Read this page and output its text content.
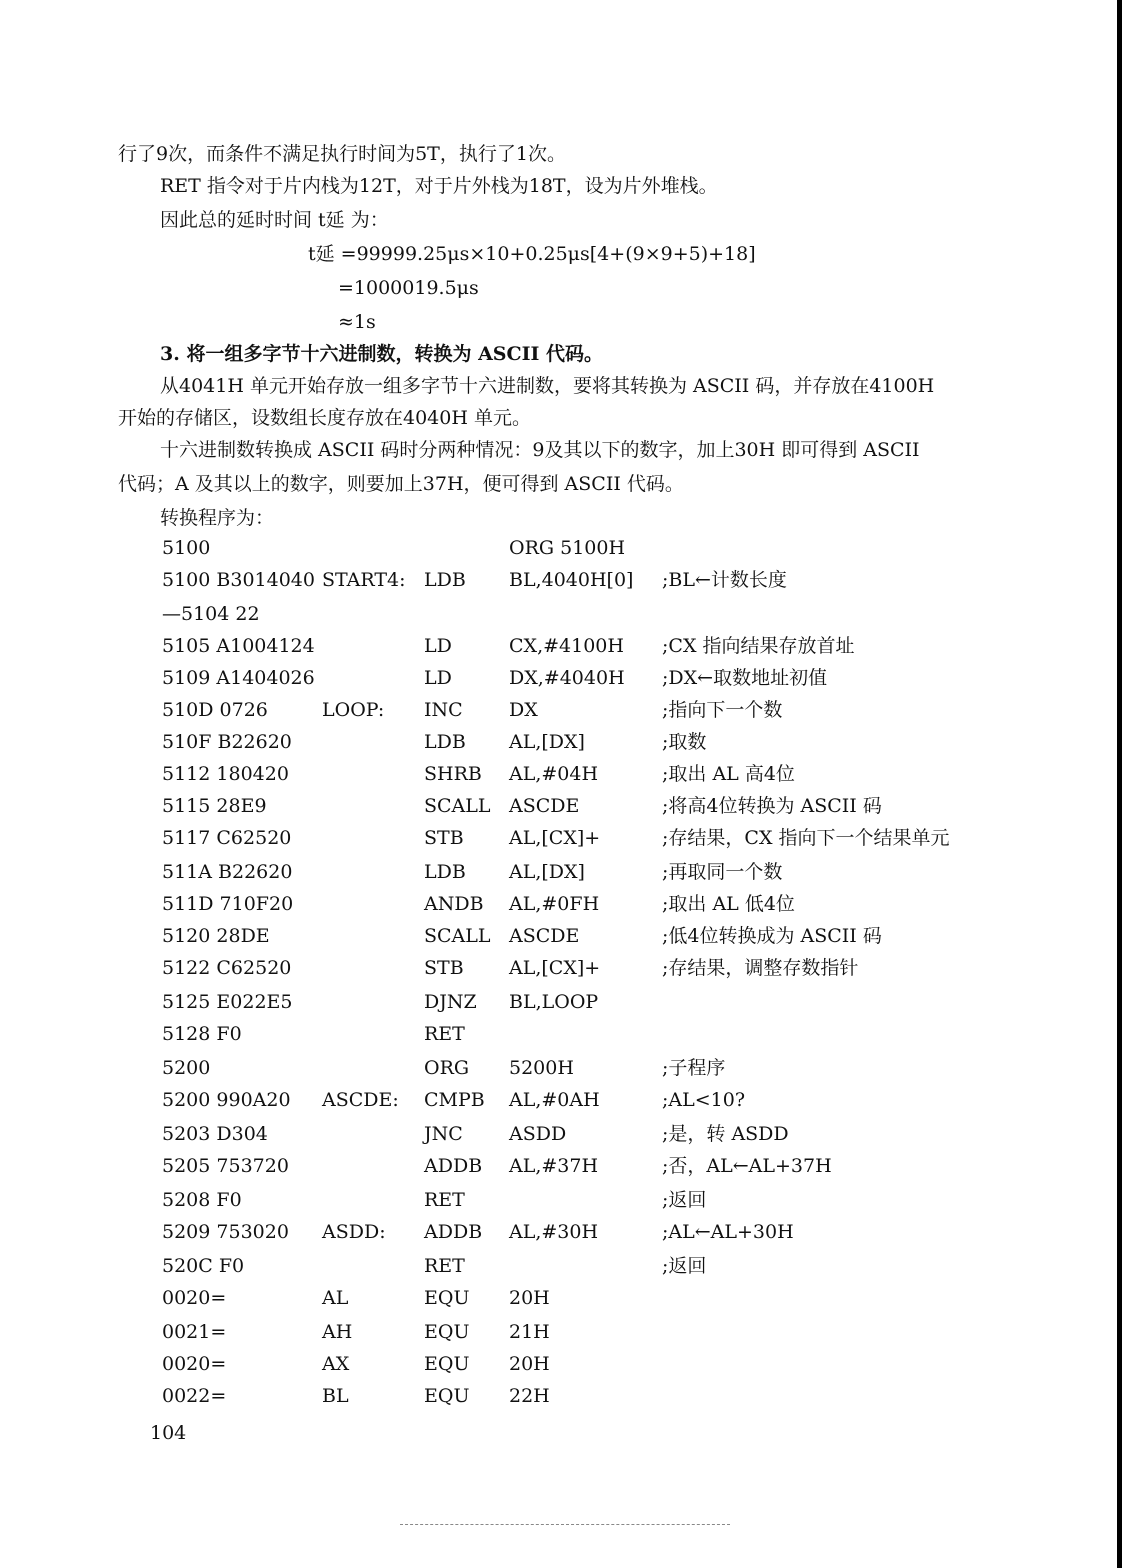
行了9次，而条件不满足执行时间为5T，执行了1次。
RET 指令对于片内栈为12T，对于片外栈为18T，设为片外堆栈。
因此总的延时时间 t延 为：
t延 =99999.25μs×10+0.25μs[4+(9×9+5)+18]
=1000019.5μs
≈1s
3. 将一组多字节十六进制数，转换为 ASCII 代码。
从4041H 单元开始存放一组多字节十六进制数，要将其转换为 ASCII 码，并存放在4100H
开始的存储区，设数组长度存放在4040H 单元。
十六进制数转换成 ASCII 码时分两种情况：9及其以下的数字，加上30H 即可得到 ASCII
代码；A 及其以上的数字，则要加上37H，便可得到 ASCII 代码。
转换程序为：
5100	ORG 5100H
5100 B3014040 START4: LDB BL,4040H[0] ;BL←计数长度
—5104 22
5105 A1004124	LD	CX,#4100H ;CX 指向结果存放首址
5109 A1404026	LD	DX,#4040H ;DX←取数地址初值
510D 0726	LOOP: INC DX	;指向下一个数
510F B22620	LDB AL,[DX]	;取数
5112 180420	SHRB AL,#04H	;取出 AL 高4位
5115 28E9	SCALL ASCDE	;将高4位转换为 ASCII 码
5117 C62520	STB AL,[CX]+	;存结果，CX 指向下一个结果单元
511A B22620	LDB AL,[DX]	;再取同一个数
511D 710F20	ANDB AL,#0FH	;取出 AL 低4位
5120 28DE	SCALL ASCDE	;低4位转换成为 ASCII 码
5122 C62520	STB AL,[CX]+	;存结果，调整存数指针
5125 E022E5	DJNZ BL,LOOP
5128 F0	RET
5200	ORG 5200H	;子程序
5200 990A20 ASCDE: CMPB AL,#0AH	;AL<10?
5203 D304	JNC ASDD	;是，转 ASDD
5205 753720	ADDB AL,#37H	;否，AL←AL+37H
5208 F0	RET	;返回
5209 753020 ASDD: ADDB AL,#30H	;AL←AL+30H
520C F0	RET	;返回
0020=	AL	EQU 20H
0021=	AH	EQU 21H
0020=	AX	EQU 20H
0022=	BL	EQU 22H
104
